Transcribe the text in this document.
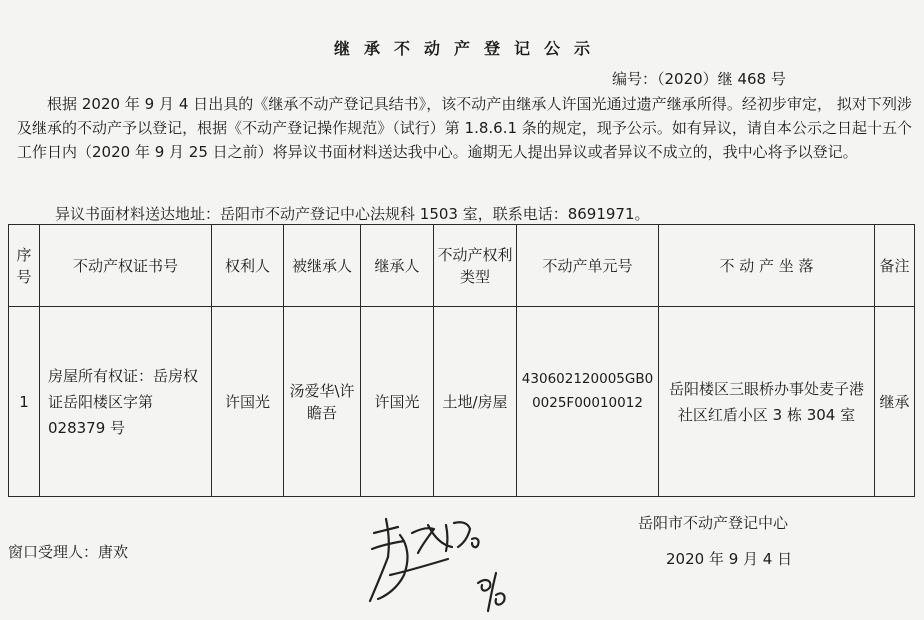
继承不动产登记公示
编号：（2020）继 468 号

根据 2020 年 9 月 4 日出具的《继承不动产登记具结书》，该不动产由继承人许国光通过遗产继承所得。经初步审定， 拟对下列涉及继承的不动产予以登记，根据《不动产登记操作规范》（试行）第 1.8.6.1 条的规定，现予公示。如有异议，请自本公示之日起十五个工作日内（2020 年 9 月 25 日之前）将异议书面材料送达我中心。逾期无人提出异议或者异议不成立的，我中心将予以登记。

异议书面材料送达地址：岳阳市不动产登记中心法规科 1503 室，联系电话：8691971。
序号	不动产权证书号	权利人	被继承人	继承人	不动产权利类型	不动产单元号	不 动 产 坐 落	备注
1	房屋所有权证：岳房权证岳阳楼区字第 028379 号	许国光	汤爱华\许瞻吾	许国光	土地/房屋	430602120005GB00025F00010012	岳阳楼区三眼桥办事处麦子港社区红盾小区 3 栋 304 室	继承
岳阳市不动产登记中心
2020 年 9 月 4 日
窗口受理人：唐欢
